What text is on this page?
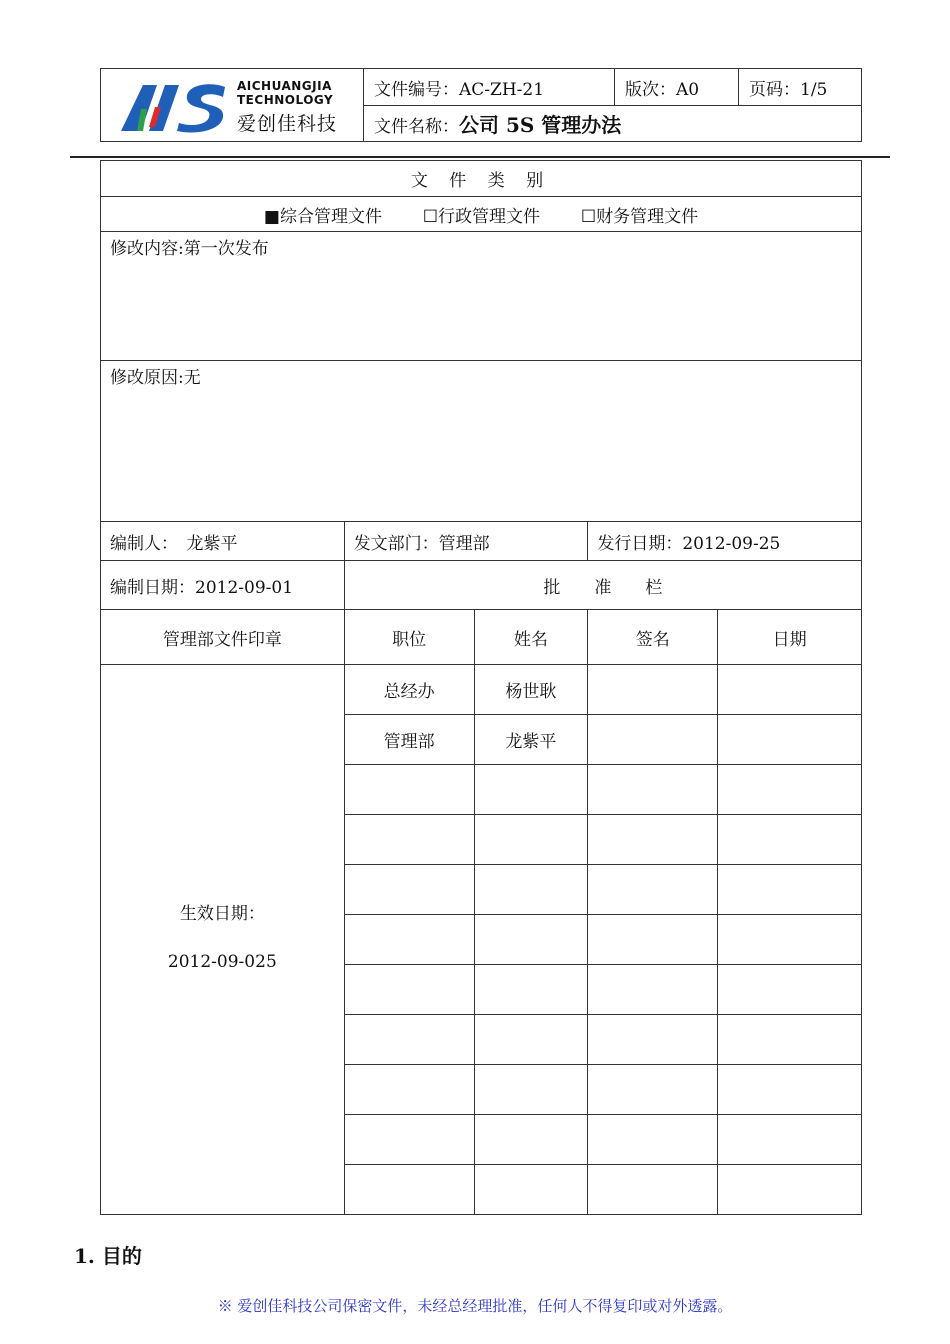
AICHUANGJIA
TECHNOLOGY
爱创佳科技
	文件编号：AC-ZH-21	版次：A0	页码：1/5
文件名称：公司 5S 管理办法
文 件 类 别				
■综合管理文件 ☐行政管理文件 ☐财务管理文件				
修改内容:第一次发布				
修改原因:无				
编制人：　龙紫平	发文部门：管理部		发行日期：2012-09-25	
编制日期：2012-09-01	批　　准　　栏			
管理部文件印章	职位	姓名	签名	日期

生效日期：
2012-09-025	总经办	杨世耿		
	管理部	龙紫平		

1. 目的
※ 爱创佳科技公司保密文件，未经总经理批准，任何人不得复印或对外透露。
